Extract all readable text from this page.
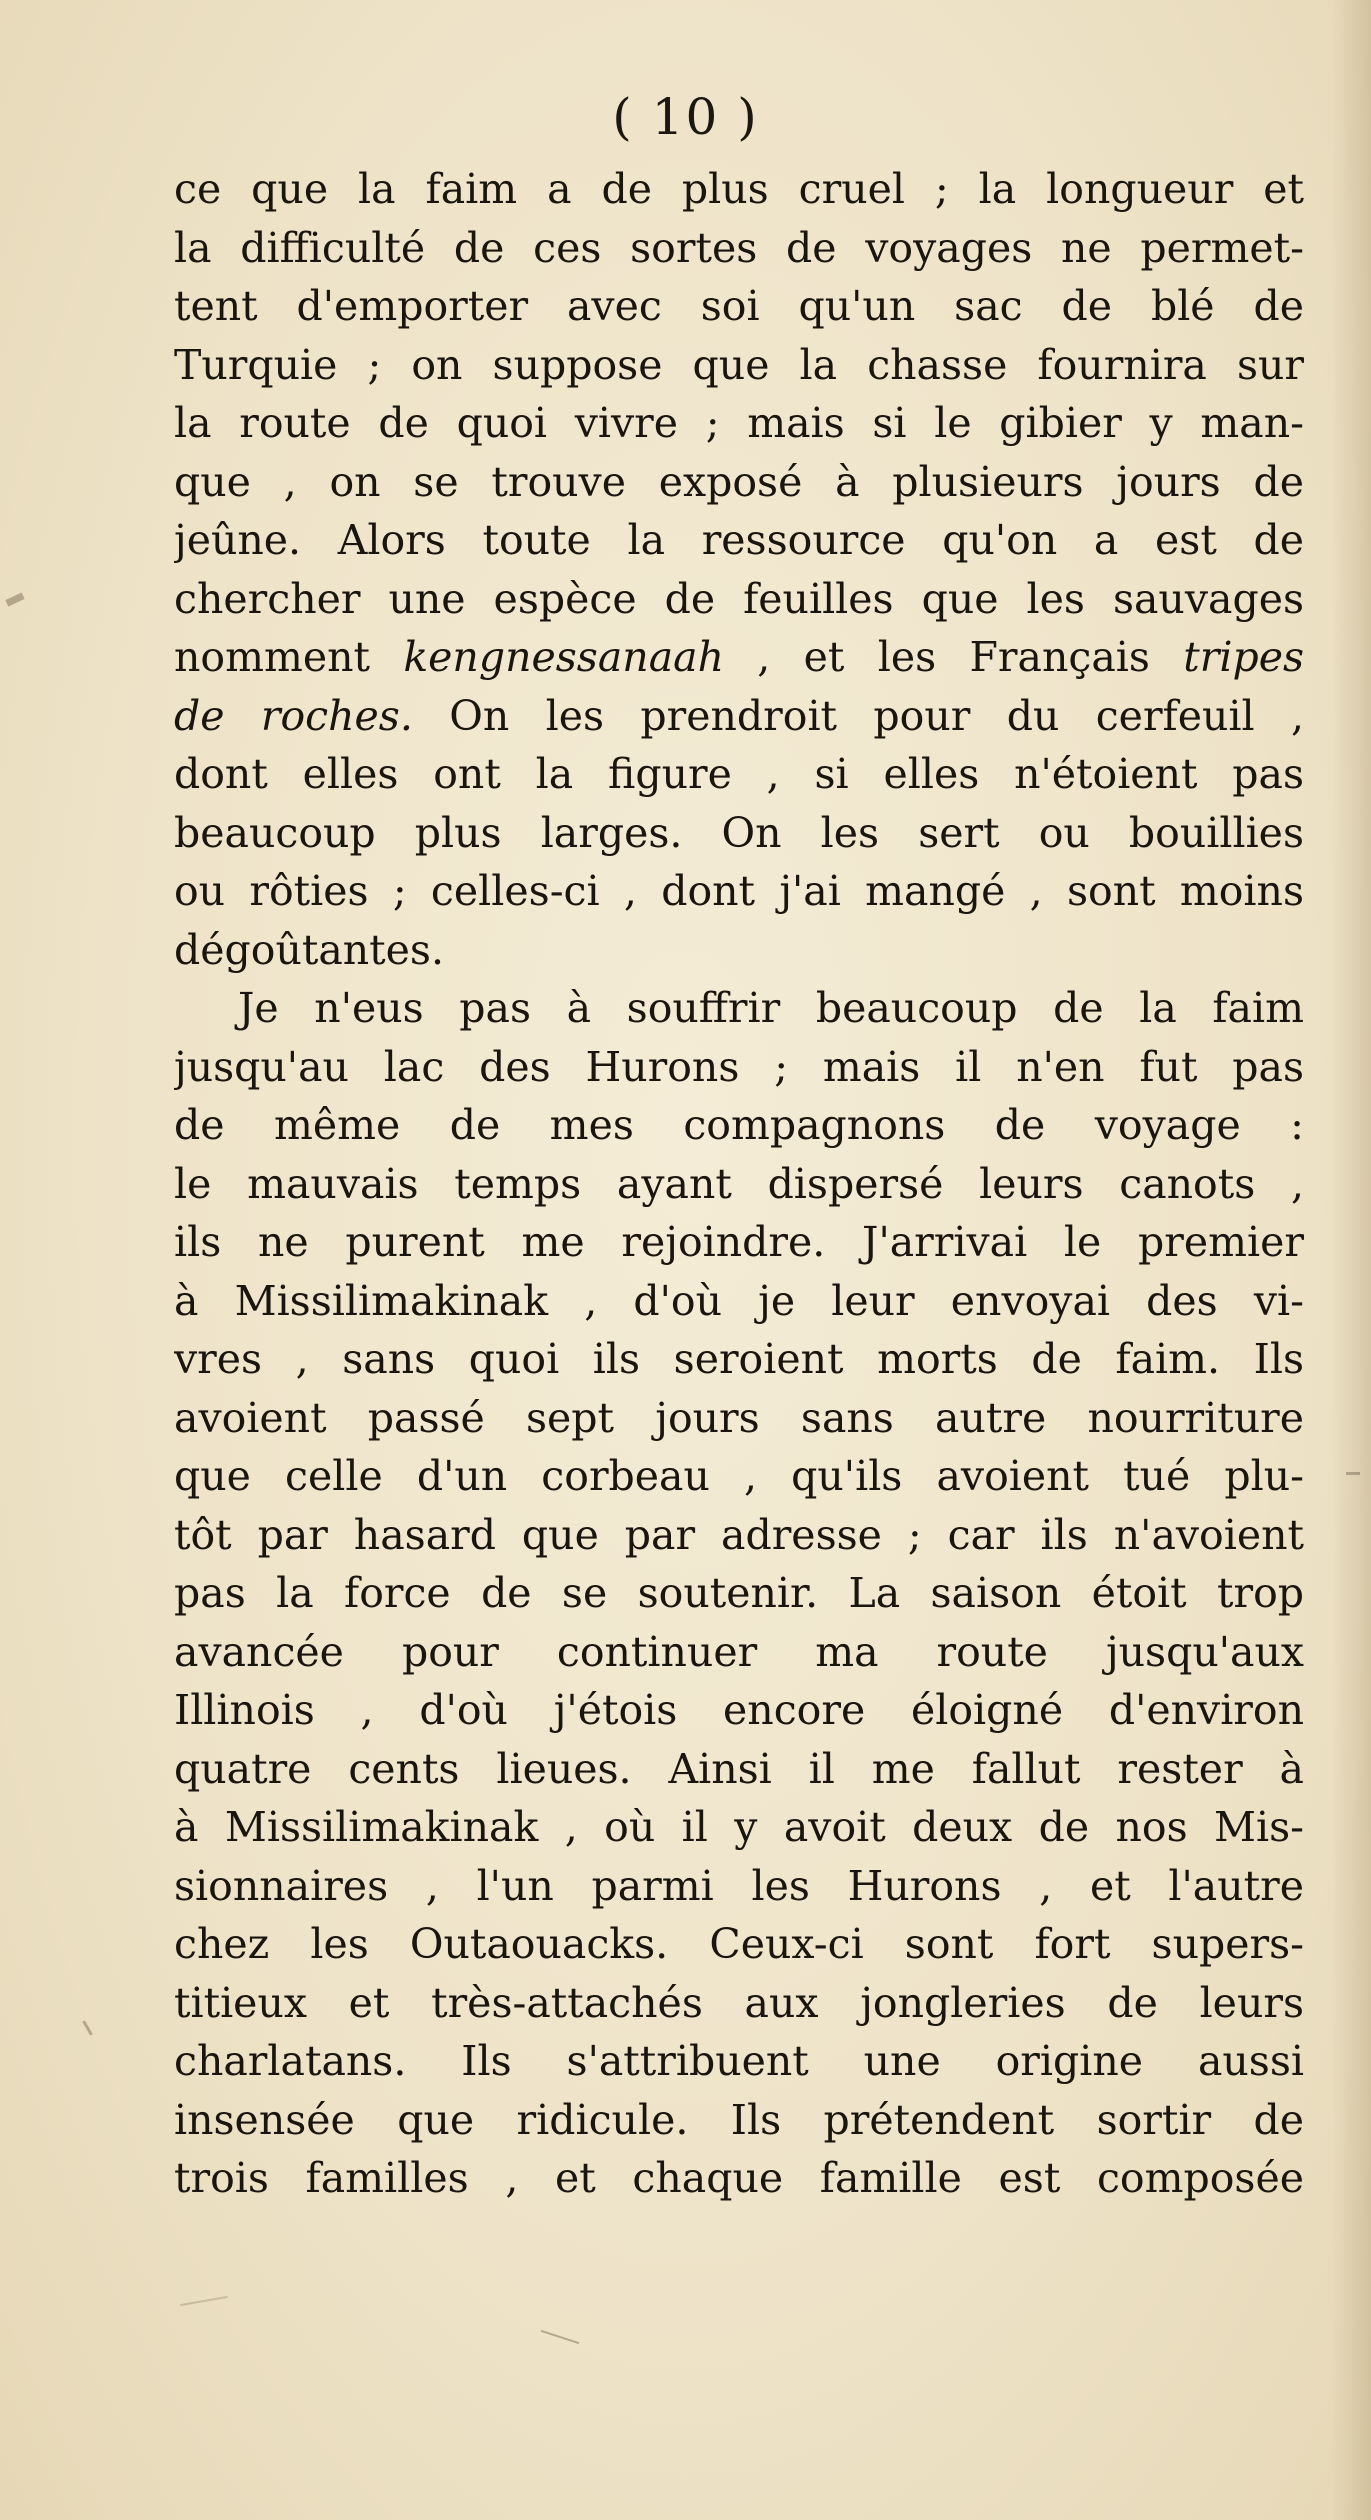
( 10 )
ce que la faim a de plus cruel ; la longueur et
la difficulté de ces sortes de voyages ne permet-
tent d'emporter avec soi qu'un sac de blé de
Turquie ; on suppose que la chasse fournira sur
la route de quoi vivre ; mais si le gibier y man-
que , on se trouve exposé à plusieurs jours de
jeûne. Alors toute la ressource qu'on a est de
chercher une espèce de feuilles que les sauvages
nomment kengnessanaah , et les Français tripes
de roches. On les prendroit pour du cerfeuil ,
dont elles ont la figure , si elles n'étoient pas
beaucoup plus larges. On les sert ou bouillies
ou rôties ; celles-ci , dont j'ai mangé , sont moins
dégoûtantes.
Je n'eus pas à souffrir beaucoup de la faim
jusqu'au lac des Hurons ; mais il n'en fut pas
de même de mes compagnons de voyage :
le mauvais temps ayant dispersé leurs canots ,
ils ne purent me rejoindre. J'arrivai le premier
à Missilimakinak , d'où je leur envoyai des vi-
vres , sans quoi ils seroient morts de faim. Ils
avoient passé sept jours sans autre nourriture
que celle d'un corbeau , qu'ils avoient tué plu-
tôt par hasard que par adresse ; car ils n'avoient
pas la force de se soutenir. La saison étoit trop
avancée pour continuer ma route jusqu'aux
Illinois , d'où j'étois encore éloigné d'environ
quatre cents lieues. Ainsi il me fallut rester à
à Missilimakinak , où il y avoit deux de nos Mis-
sionnaires , l'un parmi les Hurons , et l'autre
chez les Outaouacks. Ceux-ci sont fort supers-
titieux et très-attachés aux jongleries de leurs
charlatans. Ils s'attribuent une origine aussi
insensée que ridicule. Ils prétendent sortir de
trois familles , et chaque famille est composée
